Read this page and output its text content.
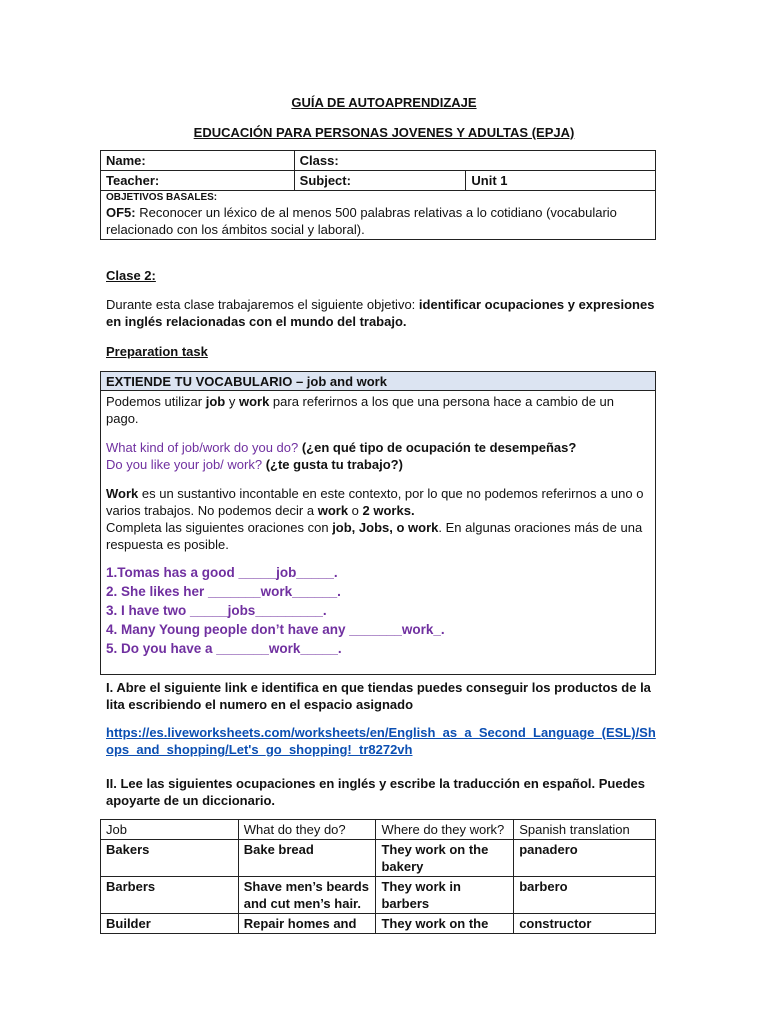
GUÍA DE AUTOAPRENDIZAJE
EDUCACIÓN PARA PERSONAS JOVENES Y ADULTAS (EPJA)
Name:	Class:	
Teacher:	Subject:	Unit 1

OBJETIVOS BASALES:
OF5: Reconocer un léxico de al menos 500 palabras relativas a lo cotidiano (vocabulario relacionado con los ámbitos social y laboral).		
Clase 2:
Durante esta clase trabajaremos el siguiente objetivo: identificar ocupaciones y expresiones en inglés relacionadas con el mundo del trabajo.
Preparation task
EXTIENDE TU VOCABULARIO – job and work

Podemos utilizar job y work para referirnos a los que una persona hace a cambio de un pago.

What kind of job/work do you do? (¿en qué tipo de ocupación te desempeñas?

Do you like your job/ work? (¿te gusta tu trabajo?)

Work es un sustantivo incontable en este contexto, por lo que no podemos referirnos a uno o varios trabajos. No podemos decir a work o 2 works.

Completa las siguientes oraciones con job, Jobs, o work. En algunas oraciones más de una respuesta es posible.

1.Tomas has a good _____job_____.
2. She likes her _______work______.
3. I have two _____jobs_________.
4. Many Young people don’t have any _______work_.
5. Do you have a _______work_____.
I. Abre el siguiente link e identifica en que tiendas puedes conseguir los productos de la lita escribiendo el numero en el espacio asignado
https://es.liveworksheets.com/worksheets/en/English_as_a_Second_Language_(ESL)/Shops_and_shopping/Let's_go_shopping!_tr8272vh
II. Lee las siguientes ocupaciones en inglés y escribe la traducción en español. Puedes apoyarte de un diccionario.
Job	What do they do?	Where do they work?	Spanish translation
Bakers	Bake bread	They work on the bakery	panadero
Barbers	Shave men’s beards and cut men’s hair.	They work in barbers	barbero
Builder	Repair homes and	They work on the	constructor
